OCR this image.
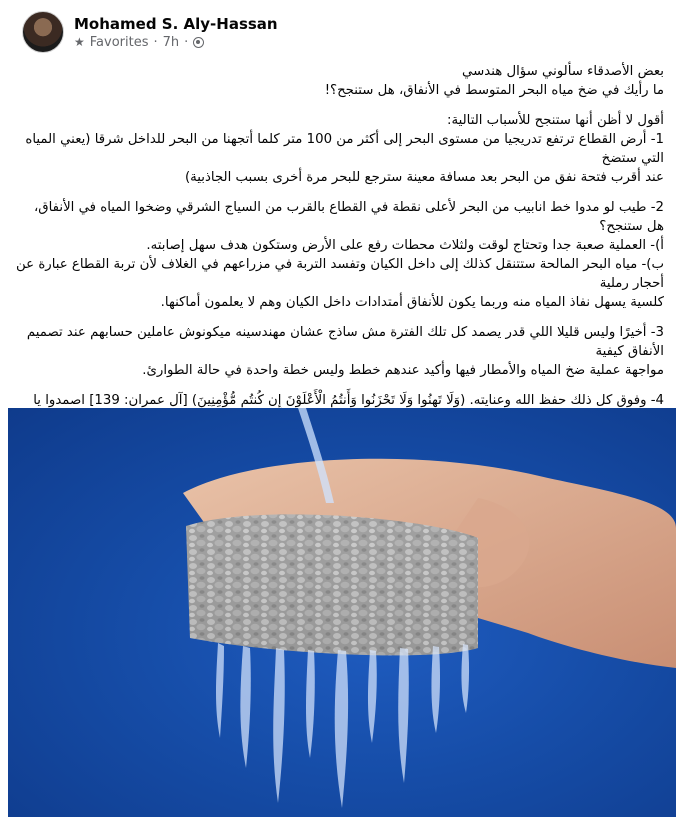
Mohamed S. Aly-Hassan
★ Favorites · 7h ·

بعض الأصدقاء سألوني سؤال هندسي
ما رأيك في ضخ مياه البحر المتوسط في الأنفاق، هل ستنجح؟!

أقول لا أظن أنها ستنجح للأسباب التالية:
1- أرض القطاع ترتفع تدريجيا من مستوى البحر إلى أكثر من 100 متر كلما أتجهنا من البحر للداخل شرقا (يعني المياه التي ستضخ
عند أقرب فتحة نفق من البحر بعد مسافة معينة سترجع للبحر مرة أخرى بسبب الجاذبية)

2- طيب لو مدوا خط انابيب من البحر لأعلى نقطة في القطاع بالقرب من السياج الشرقي وضخوا المياه في الأنفاق، هل ستنجح؟
أ)- العملية صعبة جدا وتحتاج لوقت ولثلاث محطات رفع على الأرض وستكون هدف سهل إصابته.
ب)- مياه البحر المالحة ستتنقل كذلك إلى داخل الكيان وتفسد التربة في مزراعهم في الغلاف لأن تربة القطاع عبارة عن أحجار رملية
كلسية يسهل نفاذ المياه منه وربما يكون للأنفاق أمتدادات داخل الكيان وهم لا يعلمون أماكنها.

3- أخيرًا وليس قليلا اللي قدر يصمد كل تلك الفترة مش ساذج عشان مهندسينه ميكونوش عاملين حسابهم عند تصميم الأنفاق كيفية
مواجهة عملية ضخ المياه والأمطار فيها وأكيد عندهم خطط وليس خطة واحدة في حالة الطوارئ.

4- وفوق كل ذلك حفظ الله وعنايته. (وَلَا تَهِنُوا وَلَا تَحْزَنُوا وَأَنتُمُ الْأَعْلَوْنَ إِن كُنتُم مُّؤْمِنِينَ) [آل عمران: 139] اصمدوا يا
